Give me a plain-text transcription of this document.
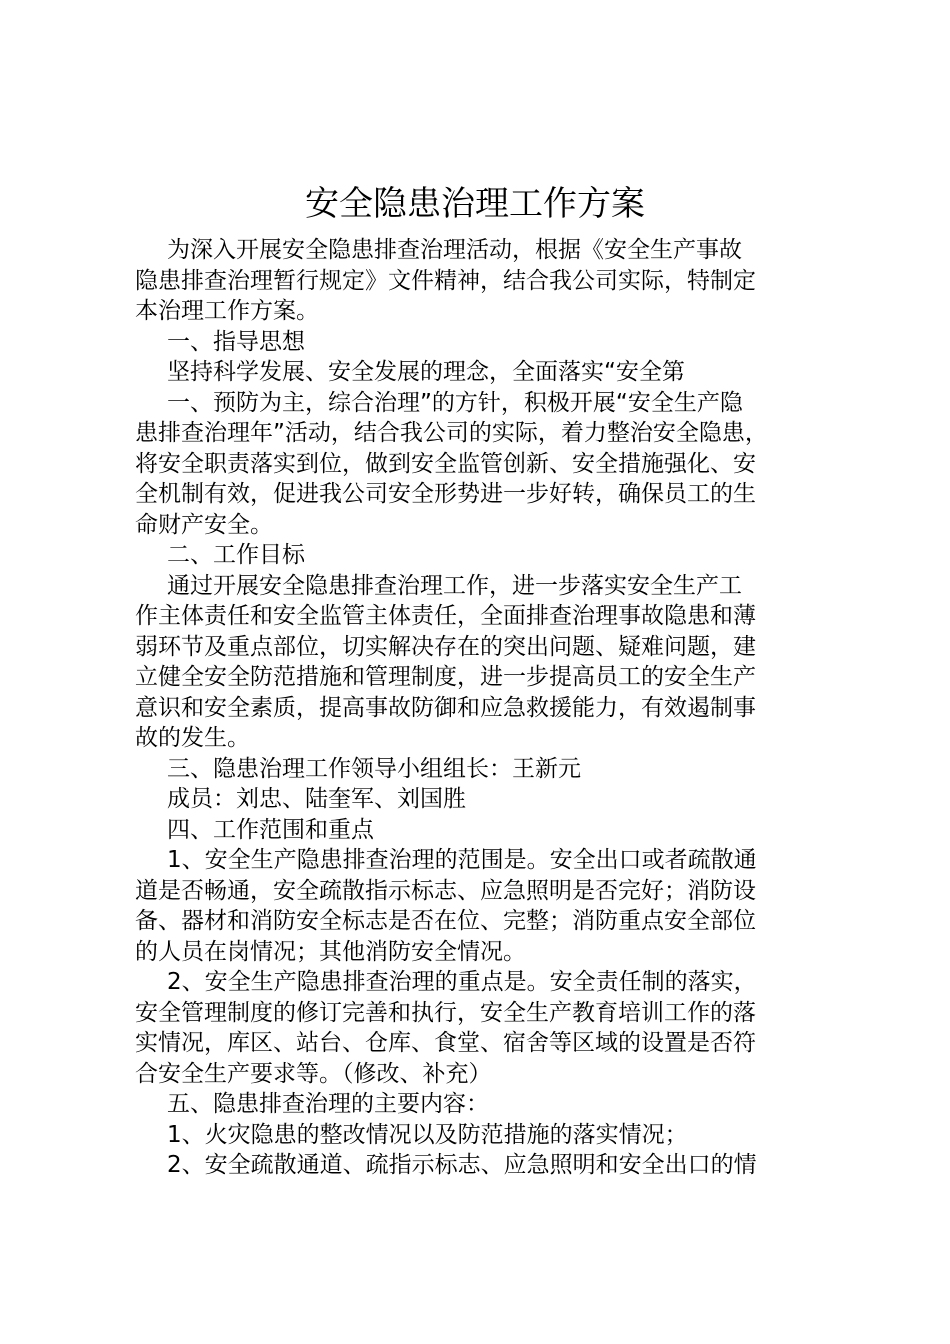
安全隐患治理工作方案
为深入开展安全隐患排查治理活动，根据《安全生产事故
隐患排查治理暂行规定》文件精神，结合我公司实际，特制定
本治理工作方案。
一、指导思想
坚持科学发展、安全发展的理念，全面落实“安全第
一、预防为主，综合治理”的方针，积极开展“安全生产隐
患排查治理年”活动，结合我公司的实际，着力整治安全隐患，
将安全职责落实到位，做到安全监管创新、安全措施强化、安
全机制有效，促进我公司安全形势进一步好转，确保员工的生
命财产安全。
二、工作目标
通过开展安全隐患排查治理工作，进一步落实安全生产工
作主体责任和安全监管主体责任，全面排查治理事故隐患和薄
弱环节及重点部位，切实解决存在的突出问题、疑难问题，建
立健全安全防范措施和管理制度，进一步提高员工的安全生产
意识和安全素质，提高事故防御和应急救援能力，有效遏制事
故的发生。
三、隐患治理工作领导小组组长：王新元
成员：刘忠、陆奎军、刘国胜
四、工作范围和重点
1、安全生产隐患排查治理的范围是。安全出口或者疏散通
道是否畅通，安全疏散指示标志、应急照明是否完好；消防设
备、器材和消防安全标志是否在位、完整；消防重点安全部位
的人员在岗情况；其他消防安全情况。
2、安全生产隐患排查治理的重点是。安全责任制的落实，
安全管理制度的修订完善和执行，安全生产教育培训工作的落
实情况，库区、站台、仓库、食堂、宿舍等区域的设置是否符
合安全生产要求等。（修改、补充）
五、隐患排查治理的主要内容：
1、火灾隐患的整改情况以及防范措施的落实情况；
2、安全疏散通道、疏指示标志、应急照明和安全出口的情
